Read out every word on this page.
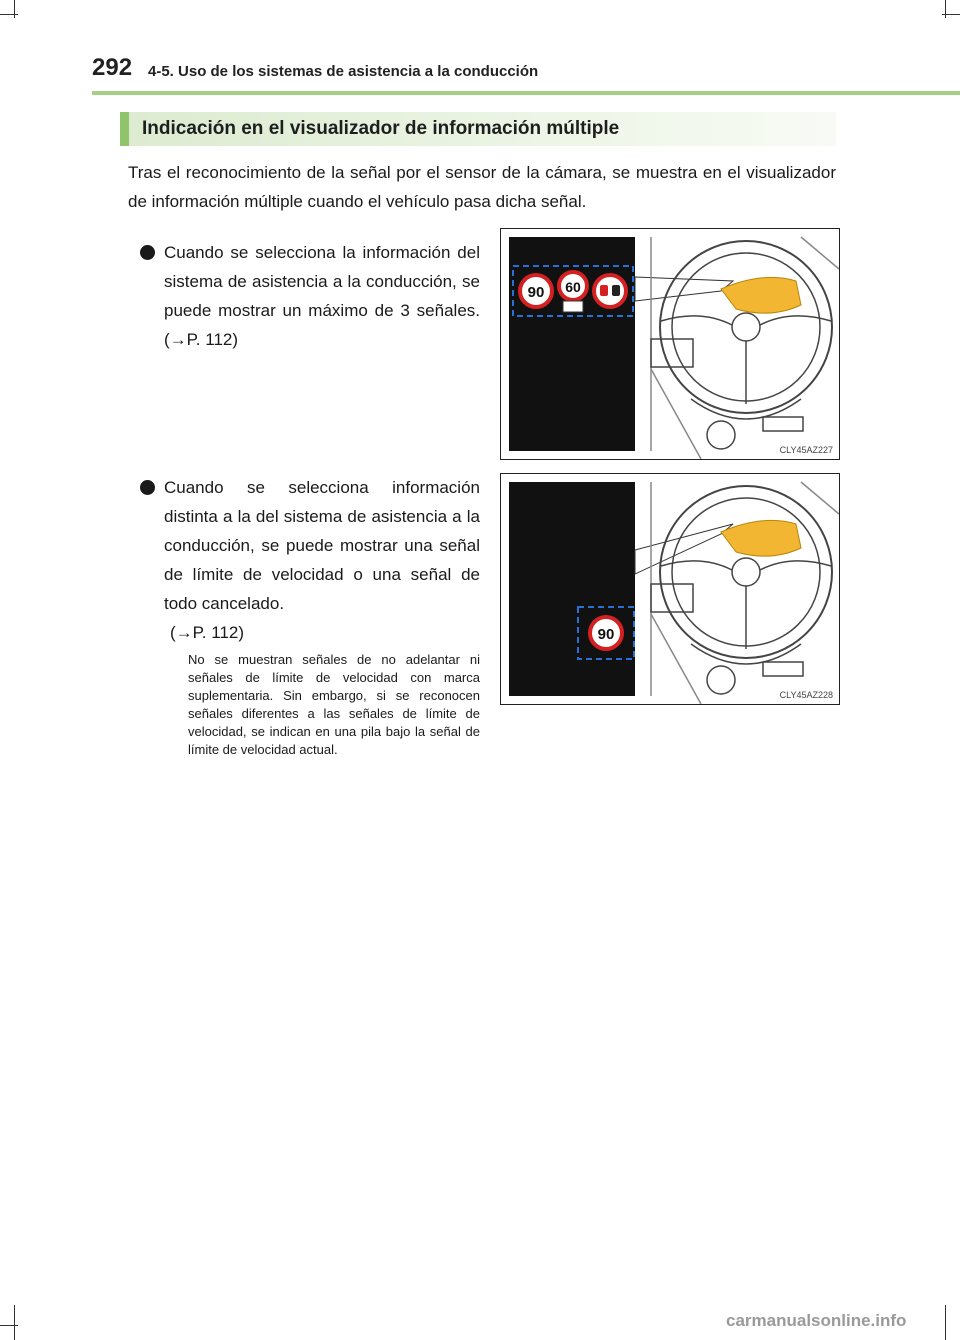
292 4-5. Uso de los sistemas de asistencia a la conducción
Indicación en el visualizador de información múltiple
Tras el reconocimiento de la señal por el sensor de la cámara, se muestra en el visualizador de información múltiple cuando el vehículo pasa dicha señal.
Cuando se selecciona la información del sistema de asistencia a la conducción, se puede mostrar un máximo de 3 señales. (→P. 112)
Cuando se selecciona información distinta a la del sistema de asistencia a la conducción, se puede mostrar una señal de límite de velocidad o una señal de todo cancelado.
(→P. 112)
No se muestran señales de no adelantar ni señales de límite de velocidad con marca suplementaria. Sin embargo, si se reconocen señales diferentes a las señales de límite de velocidad, se indican en una pila bajo la señal de límite de velocidad actual.
90 60
CLY45AZ227
90
CLY45AZ228
carmanualsonline.info
